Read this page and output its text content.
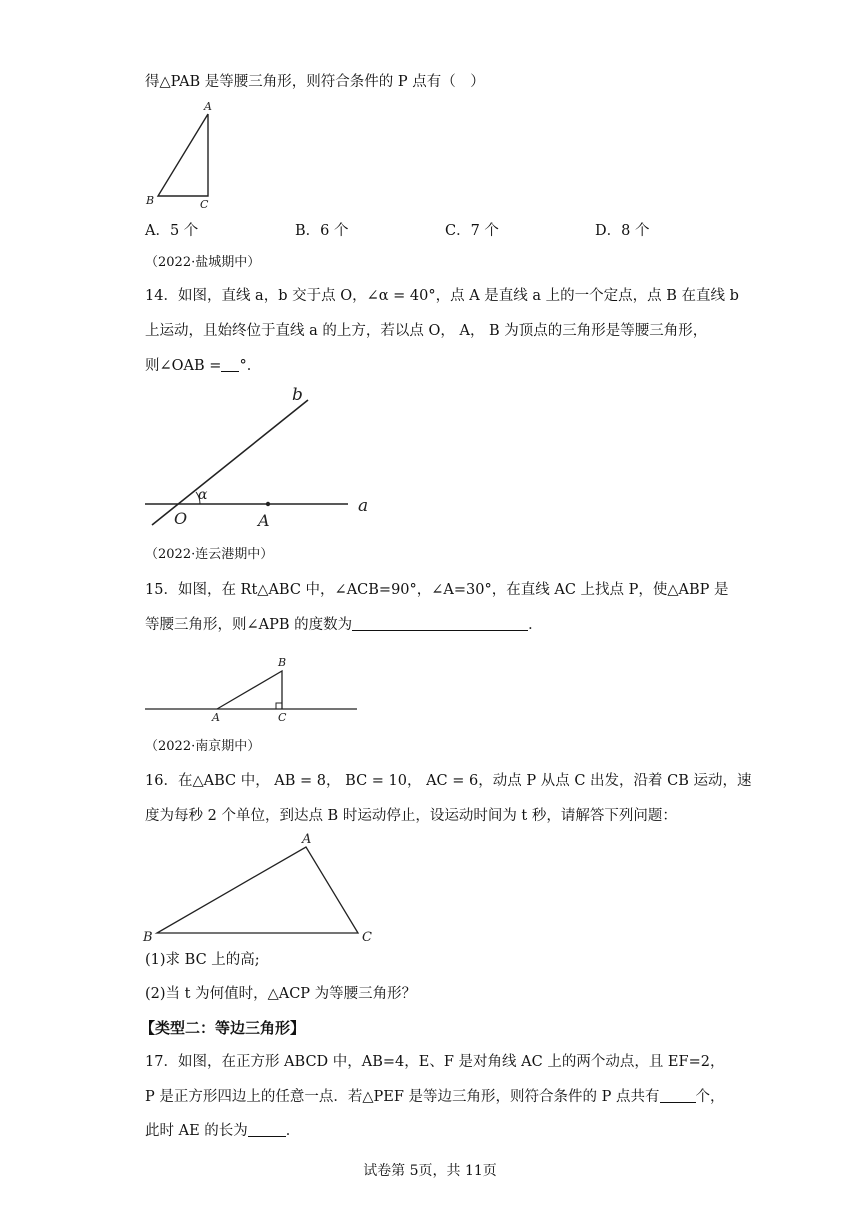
得△PAB 是等腰三角形，则符合条件的 P 点有（　）
A
B	C
A．5 个	B．6 个	C．7 个	D．8 个
（2022·盐城期中）
14．如图，直线 a，b 交于点 O，∠α = 40°，点 A 是直线 a 上的一个定点，点 B 在直线 b
上运动，且始终位于直线 a 的上方，若以点 O， A， B 为顶点的三角形是等腰三角形，
则∠OAB = °．
b
α
O	A
a
（2022·连云港期中）
15．如图，在 Rt△ABC 中，∠ACB=90°，∠A=30°，在直线 AC 上找点 P，使△ABP 是
等腰三角形，则∠APB 的度数为	．
B
A	C
（2022·南京期中）
16．在△ABC 中， AB = 8， BC = 10， AC = 6，动点 P 从点 C 出发，沿着 CB 运动，速
度为每秒 2 个单位，到达点 B 时运动停止，设运动时间为 t 秒，请解答下列问题：
A
B	C
(1)求 BC 上的高;
(2)当 t 为何值时，△ACP 为等腰三角形？
【类型二：等边三角形】
17．如图，在正方形 ABCD 中，AB=4，E、F 是对角线 AC 上的两个动点，且 EF=2，
P 是正方形四边上的任意一点．若△PEF 是等边三角形，则符合条件的 P 点共有 个，
此时 AE 的长为	．
试卷第 5页，共 11页
